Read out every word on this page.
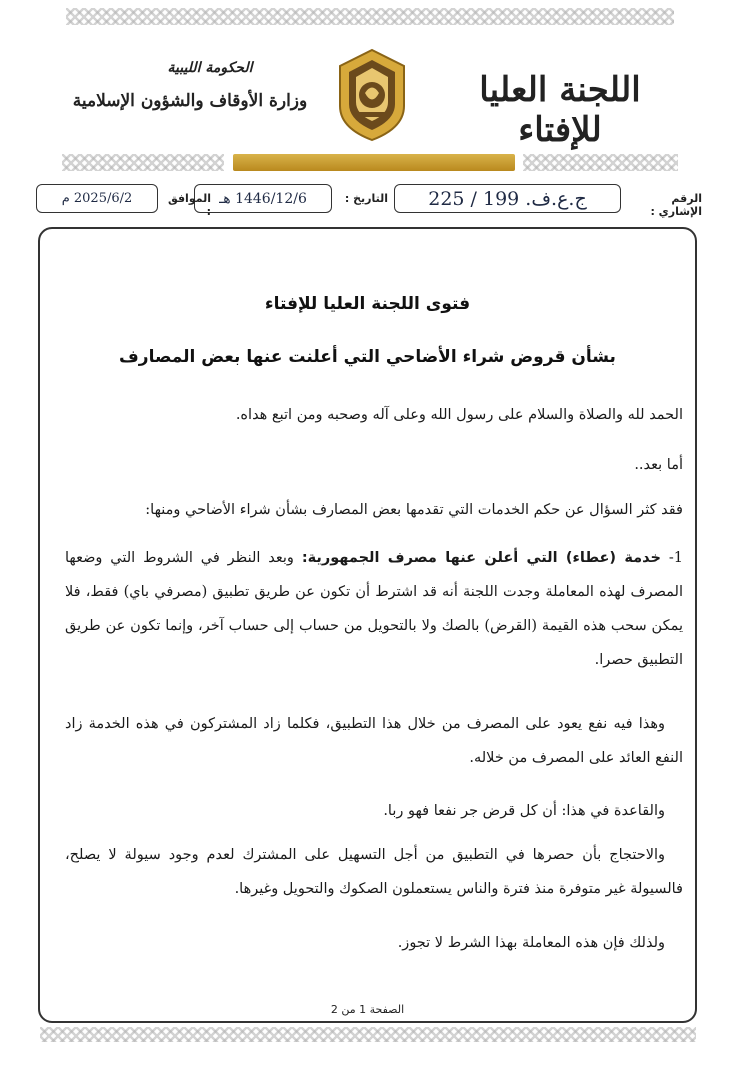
اللجنة العليا للإفتاء
الحكومة الليبية
وزارة الأوقاف والشؤون الإسلامية
الرقم الإشاري :
ج.ع.ف. 199 / 225
التاريخ :
1446/12/6 هـ
الموافق :
2025/6/2 م
فتوى اللجنة العليا للإفتاء
بشأن قروض شراء الأضاحي التي أعلنت عنها بعض المصارف
الحمد لله والصلاة والسلام على رسول الله وعلى آله وصحبه ومن اتبع هداه.
أما بعد..
فقد كثر السؤال عن حكم الخدمات التي تقدمها بعض المصارف بشأن شراء الأضاحي ومنها:
1- خدمة (عطاء) التي أعلن عنها مصرف الجمهورية: وبعد النظر في الشروط التي وضعها المصرف لهذه المعاملة وجدت اللجنة أنه قد اشترط أن تكون عن طريق تطبيق (مصرفي باي) فقط، فلا يمكن سحب هذه القيمة (القرض) بالصك ولا بالتحويل من حساب إلى حساب آخر، وإنما تكون عن طريق التطبيق حصرا.
وهذا فيه نفع يعود على المصرف من خلال هذا التطبيق، فكلما زاد المشتركون في هذه الخدمة زاد النفع العائد على المصرف من خلاله.
والقاعدة في هذا: أن كل قرض جر نفعا فهو ربا.
والاحتجاج بأن حصرها في التطبيق من أجل التسهيل على المشترك لعدم وجود سيولة لا يصلح، فالسيولة غير متوفرة منذ فترة والناس يستعملون الصكوك والتحويل وغيرها.
ولذلك فإن هذه المعاملة بهذا الشرط لا تجوز.
الصفحة 1 من 2
